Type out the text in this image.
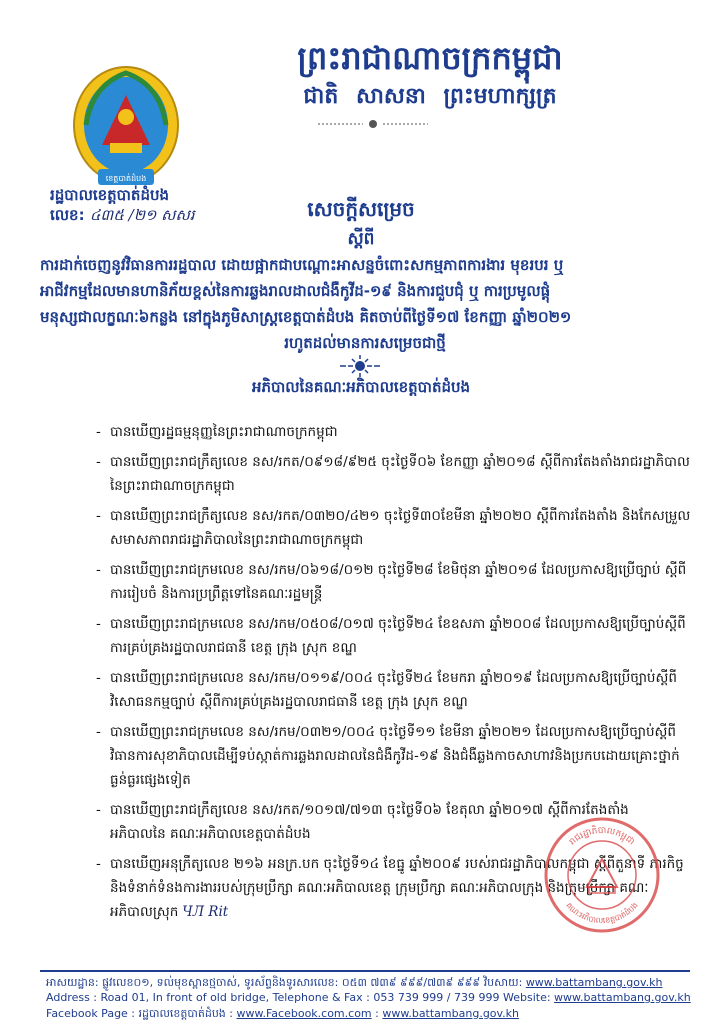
ព្រះរាជាណាចក្រកម្ពុជា
ជាតិ សាសនា ព្រះមហាក្សត្រ
ខេត្តបាត់ដំបង
រដ្ឋបាលខេត្តបាត់ដំបង
លេខ: ៤៣៥ /២១ សសរ	សេចក្តីសម្រេច
ស្តីពី
ការដាក់ចេញនូវវិធានការរដ្ឋបាល ដោយផ្អាកជាបណ្តោះអាសន្នចំពោះសកម្មភាពការងារ មុខរបរ ឬ
អាជីវកម្មដែលមានហានិភ័យខ្ពស់នៃការឆ្លងរាលដាលជំងឺកូវីដ-១៩ និងការជួបជុំ ឬ ការប្រមូលផ្តុំ
មនុស្សជាលក្ខណៈ៦កន្លង នៅក្នុងភូមិសាស្ត្រខេត្តបាត់ដំបង គិតចាប់ពីថ្ងៃទី១៧ ខែកញ្ញា ឆ្នាំ២០២១
រហូតដល់មានការសម្រេចជាថ្មី
អភិបាលនៃគណៈអភិបាលខេត្តបាត់ដំបង
- បានឃើញរដ្ឋធម្មនុញ្ញនៃព្រះរាជាណាចក្រកម្ពុជា
- បានឃើញព្រះរាជក្រឹត្យលេខ នស/រកត/០៩១៨/៩២៥ ចុះថ្ងៃទី០៦ ខែកញ្ញា ឆ្នាំ២០១៨ ស្តីពីការតែងតាំងរាជរដ្ឋាភិបាល
នៃព្រះរាជាណាចក្រកម្ពុជា
- បានឃើញព្រះរាជក្រឹត្យលេខ នស/រកត/០៣២០/៤២១ ចុះថ្ងៃទី៣០ខែមីនា ឆ្នាំ២០២០ ស្តីពីការតែងតាំង និងកែសម្រួល
សមាសភាពរាជរដ្ឋាភិបាលនៃព្រះរាជាណាចក្រកម្ពុជា
- បានឃើញព្រះរាជក្រមលេខ នស/រកម/០៦១៨/០១២ ចុះថ្ងៃទី២៨ ខែមិថុនា ឆ្នាំ២០១៨ ដែលប្រកាសឱ្យប្រើច្បាប់ ស្តីពី
ការរៀបចំ និងការប្រព្រឹត្តទៅនៃគណៈរដ្ឋមន្ត្រី
- បានឃើញព្រះរាជក្រមលេខ នស/រកម/០៥០៨/០១៧ ចុះថ្ងៃទី២៤ ខែឧសភា ឆ្នាំ២០០៨ ដែលប្រកាសឱ្យប្រើច្បាប់ស្តីពី
ការគ្រប់គ្រងរដ្ឋបាលរាជធានី ខេត្ត ក្រុង ស្រុក ខណ្ឌ
- បានឃើញព្រះរាជក្រមលេខ នស/រកម/០១១៩/០០៤ ចុះថ្ងៃទី២៤ ខែមករា ឆ្នាំ២០១៩ ដែលប្រកាសឱ្យប្រើច្បាប់ស្តីពី
វិសោធនកម្មច្បាប់ ស្តីពីការគ្រប់គ្រងរដ្ឋបាលរាជធានី ខេត្ត ក្រុង ស្រុក ខណ្ឌ
- បានឃើញព្រះរាជក្រមលេខ នស/រកម/០៣២១/០០៤ ចុះថ្ងៃទី១១ ខែមីនា ឆ្នាំ២០២១ ដែលប្រកាសឱ្យប្រើច្បាប់ស្តីពី
វិធានការសុខាភិបាលដើម្បីទប់ស្កាត់ការឆ្លងរាលដាលនៃជំងឺកូវីដ-១៩ និងជំងឺឆ្លងកាចសាហាវនិងប្រកបដោយគ្រោះថ្នាក់
ធ្ងន់ធ្ងរផ្សេងទៀត
- បានឃើញព្រះរាជក្រឹត្យលេខ នស/រកត/១០១៧/៧១៣ ចុះថ្ងៃទី០៦ ខែតុលា ឆ្នាំ២០១៧ ស្តីពីការតែងតាំង
អភិបាលនៃ គណៈអភិបាលខេត្តបាត់ដំបង
- បានឃើញអនុក្រឹត្យលេខ ២១៦ អនក្រ.បក ចុះថ្ងៃទី១៤ ខែធ្នូ ឆ្នាំ២០០៩ របស់រាជរដ្ឋាភិបាលកម្ពុជា ស្តីពីតួនាទី ភារកិច្ច
និងទំនាក់ទំនងការងាររបស់ក្រុមប្រឹក្សា គណៈអភិបាលខេត្ត ក្រុមប្រឹក្សា គណៈអភិបាលក្រុង និងក្រុមប្រឹក្សា គណៈ
អភិបាលស្រុក ЧЛ Rit
រាជរដ្ឋាភិបាលកម្ពុជា
គណៈអភិបាលខេត្តបាត់ដំបង
អាសយដ្ឋាន: ផ្លូវលេខ០១, ទល់មុខស្ពានថ្មចាស់, ទូរស័ព្ទនិងទូរសារលេខ: ០៥៣ ៧៣៩ ៩៩៩/៧៣៩ ៩៩៩ វិបសាយ: www.battambang.gov.kh
Address : Road 01, In front of old bridge, Telephone & Fax : 053 739 999 / 739 999 Website: www.battambang.gov.kh
Facebook Page : រដ្ឋបាលខេត្តបាត់ដំបង : www.Facebook.com.com : www.battambang.gov.kh
